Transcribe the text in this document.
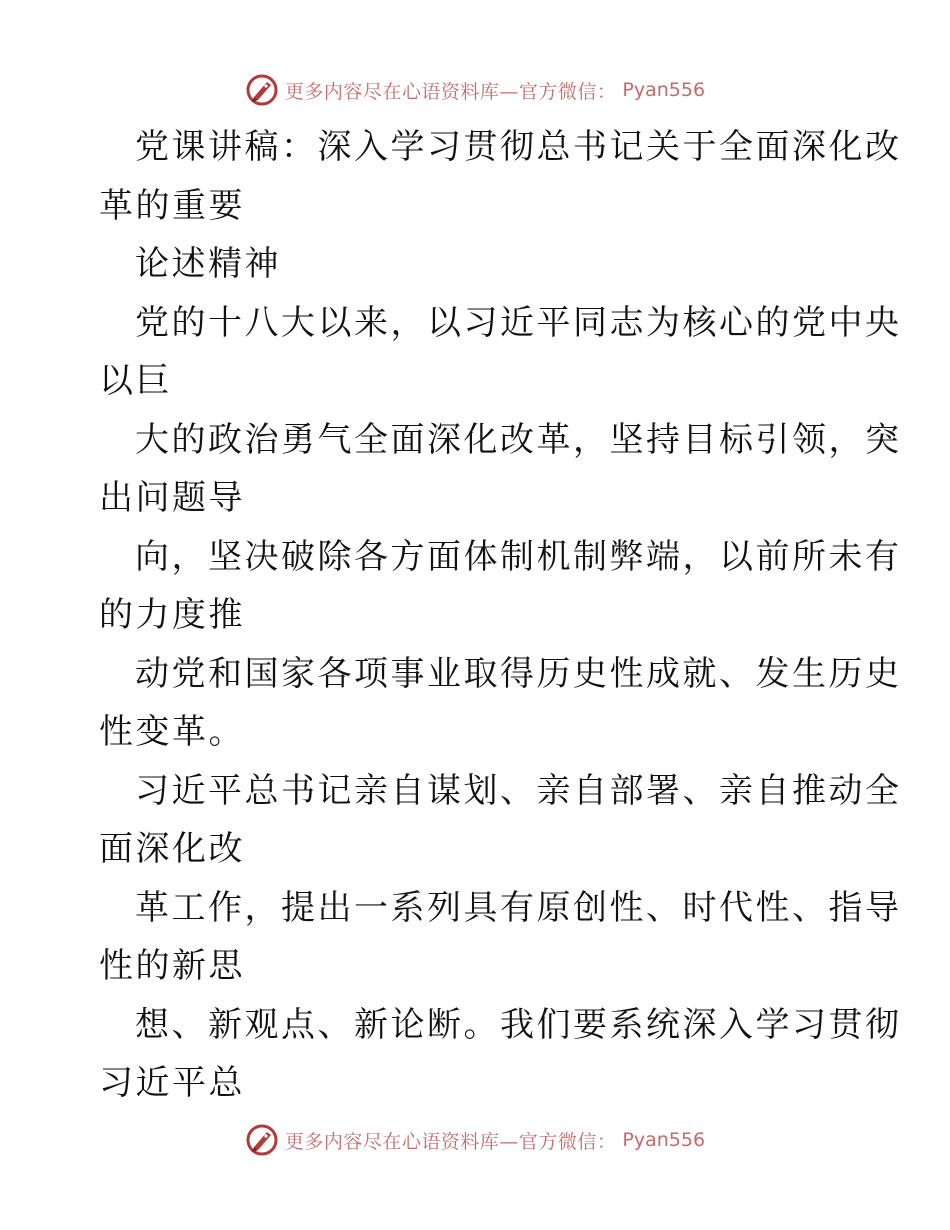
更多内容尽在心语资料库—官方微信： Pyan556
党课讲稿：深入学习贯彻总书记关于全面深化改
革的重要
论述精神
党的十八大以来，以习近平同志为核心的党中央
以巨
大的政治勇气全面深化改革，坚持目标引领，突
出问题导
向，坚决破除各方面体制机制弊端，以前所未有
的力度推
动党和国家各项事业取得历史性成就、发生历史
性变革。
习近平总书记亲自谋划、亲自部署、亲自推动全
面深化改
革工作，提出一系列具有原创性、时代性、指导
性的新思
想、新观点、新论断。我们要系统深入学习贯彻
习近平总
更多内容尽在心语资料库—官方微信： Pyan556
